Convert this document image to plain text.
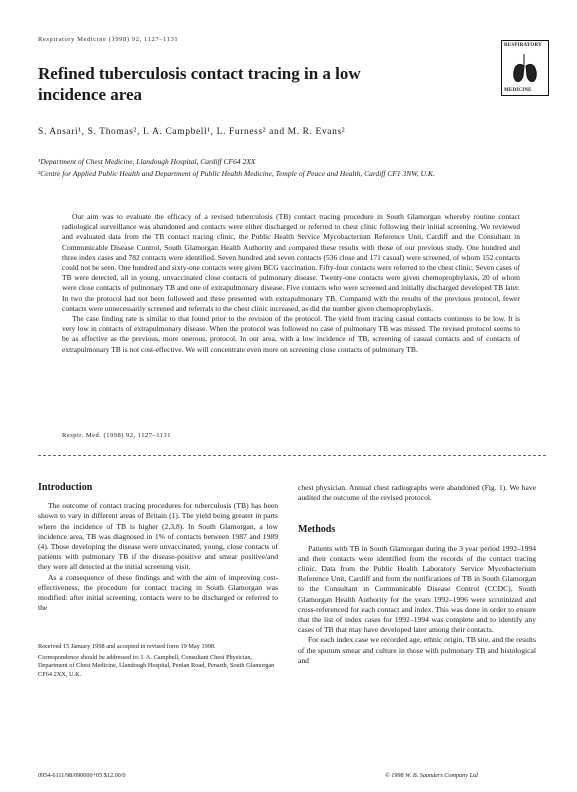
Respiratory Medicine (1998) 92, 1127–1131
RESPIRATORY
MEDICINE
Refined tuberculosis contact tracing in a low incidence area
S. Ansari¹, S. Thomas², I. A. Campbell¹, L. Furness² and M. R. Evans²
¹Department of Chest Medicine, Llandough Hospital, Cardiff CF64 2XX
²Centre for Applied Public Health and Department of Public Health Medicine, Temple of Peace and Health, Cardiff CF1 3NW, U.K.

Our aim was to evaluate the efficacy of a revised tuberculosis (TB) contact tracing procedure in South Glamorgan whereby routine contact radiological surveillance was abandoned and contacts were either discharged or referred to chest clinic following their initial screening. We reviewed and evaluated data from the TB contact tracing clinic, the Public Health Service Mycobacterium Reference Unit, Cardiff and the Consultant in Communicable Disease Control, South Glamorgan Health Authority and compared these results with those of our previous study. One hundred and three index cases and 782 contacts were identified. Seven hundred and seven contacts (536 close and 171 casual) were screened, of whom 152 contacts could not be seen. One hundred and sixty-one contacts were given BCG vaccination. Fifty-four contacts were referred to the chest clinic. Seven cases of TB were detected, all in young, unvaccinated close contacts of pulmonary disease. Twenty-one contacts were given chemoprophylaxis, 20 of whom were close contacts of pulmonary TB and one of extrapulmonary disease. Five contacts who were screened and initially discharged developed TB later. In two the protocol had not been followed and three presented with extrapulmonary TB. Compared with the results of the previous protocol, fewer contacts were unnecessarily screened and referrals to the chest clinic increased, as did the number given chemoprophylaxis.

The case finding rate is similar to that found prior to the revision of the protocol. The yield from tracing casual contacts continues to be low. It is very low in contacts of extrapulmonary disease. When the protocol was followed no case of pulmonary TB was missed. The revised protocol seems to be as effective as the previous, more onerous, protocol. In our area, with a low incidence of TB, screening of casual contacts and of contacts of extrapulmonary TB is not cost-effective. We will concentrate even more on screening close contacts of pulmonary TB.

Respir. Med. (1998) 92, 1127–1131
Introduction

The outcome of contact tracing procedures for tuberculosis (TB) has been shown to vary in different areas of Britain (1). The yield being greater in parts where the incidence of TB is higher (2,3,8). In South Glamorgan, a low incidence area, TB was diagnosed in 1% of contacts between 1987 and 1989 (4). Those developing the disease were unvaccinated, young, close contacts of patients with pulmonary TB if the disease-positive and smear positive/and they were all detected at the initial screening visit.

As a consequence of these findings and with the aim of improving cost-effectiveness, the procedure for contact tracing in South Glamorgan was modified: after initial screening, contacts were to be discharged or referred to the

Received 15 January 1998 and accepted in revised form 19 May 1998.

Correspondence should be addressed to: I. A. Campbell, Consultant Chest Physician, Department of Chest Medicine, Llandough Hospital, Penlan Road, Penarth, South Glamorgan CF64 2XX, U.K.

chest physician. Annual chest radiographs were abandoned (Fig. 1). We have audited the outcome of the revised protocol.

Methods

Patients with TB in South Glamorgan during the 3 year period 1992–1994 and their contacts were identified from the records of the contact tracing clinic. Data from the Public Health Laboratory Service Mycobacterium Reference Unit, Cardiff and from the notifications of TB in South Glamorgan to the Consultant in Communicable Disease Control (CCDC), South Glamorgan Health Authority for the years 1992–1996 were scrutinized and cross-referenced for each contact and index. This was done in order to ensure that the list of index cases for 1992–1994 was complete and to identify any cases of TB that may have developed later among their contacts.

For each index case we recorded age, ethnic origin, TB site, and the results of the sputum smear and culture in those with pulmonary TB and histological and

0954-6111/98/090000+05 $12.00/0	© 1998 W. B. Saunders Company Ltd
